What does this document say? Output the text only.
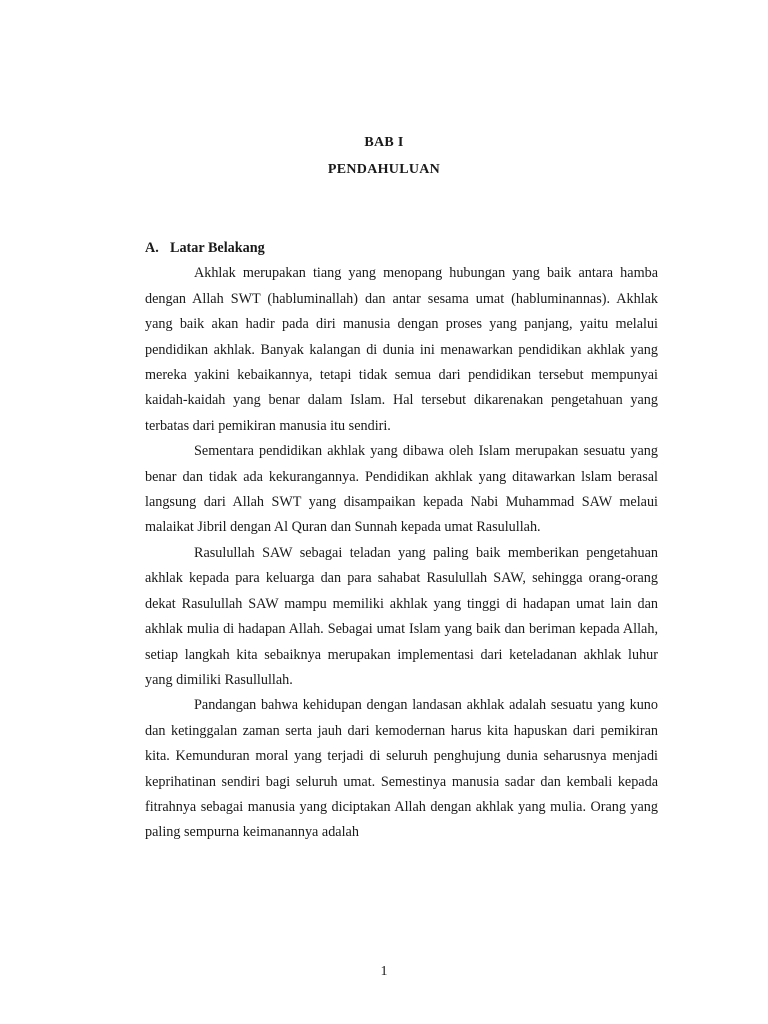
BAB I
PENDAHULUAN
A. Latar Belakang

Akhlak merupakan tiang yang menopang hubungan yang baik antara hamba dengan Allah SWT (habluminallah) dan antar sesama umat (habluminannas). Akhlak yang baik akan hadir pada diri manusia dengan proses yang panjang, yaitu melalui pendidikan akhlak. Banyak kalangan di dunia ini menawarkan pendidikan akhlak yang mereka yakini kebaikannya, tetapi tidak semua dari pendidikan tersebut mempunyai kaidah-kaidah yang benar dalam Islam. Hal tersebut dikarenakan pengetahuan yang terbatas dari pemikiran manusia itu sendiri.

Sementara pendidikan akhlak yang dibawa oleh Islam merupakan sesuatu yang benar dan tidak ada kekurangannya. Pendidikan akhlak yang ditawarkan lslam berasal langsung dari Allah SWT yang disampaikan kepada Nabi Muhammad SAW melaui malaikat Jibril dengan Al Quran dan Sunnah kepada umat Rasulullah.

Rasulullah SAW sebagai teladan yang paling baik memberikan pengetahuan akhlak kepada para keluarga dan para sahabat Rasulullah SAW, sehingga orang-orang dekat Rasulullah SAW mampu memiliki akhlak yang tinggi di hadapan umat lain dan akhlak mulia di hadapan Allah. Sebagai umat Islam yang baik dan beriman kepada Allah, setiap langkah kita sebaiknya merupakan implementasi dari keteladanan akhlak luhur yang dimiliki Rasullullah.

Pandangan bahwa kehidupan dengan landasan akhlak adalah sesuatu yang kuno dan ketinggalan zaman serta jauh dari kemodernan harus kita hapuskan dari pemikiran kita. Kemunduran moral yang terjadi di seluruh penghujung dunia seharusnya menjadi keprihatinan sendiri bagi seluruh umat. Semestinya manusia sadar dan kembali kepada fitrahnya sebagai manusia yang diciptakan Allah dengan akhlak yang mulia. Orang yang paling sempurna keimanannya adalah

1
